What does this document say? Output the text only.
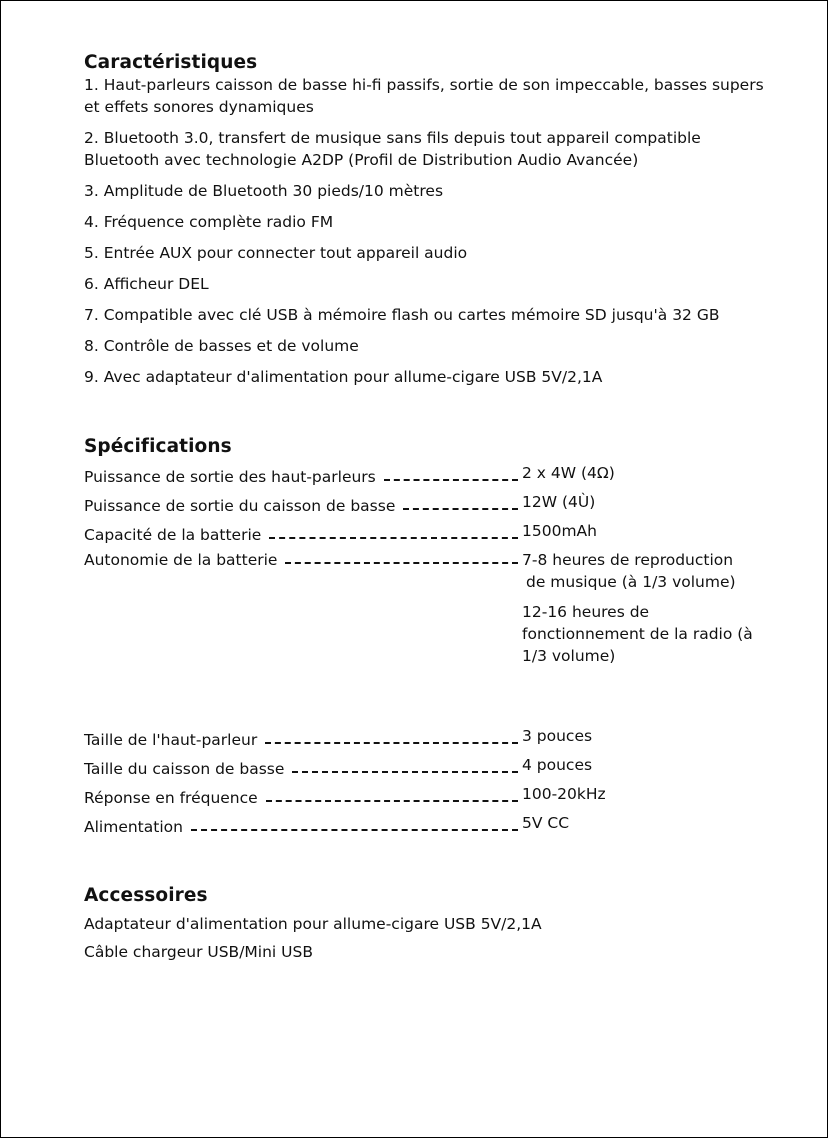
Caractéristiques
1. Haut-parleurs caisson de basse hi-fi passifs, sortie de son impeccable, basses supers et effets sonores dynamiques
2. Bluetooth 3.0, transfert de musique sans fils depuis tout appareil compatible Bluetooth avec technologie A2DP (Profil de Distribution Audio Avancée)
3. Amplitude de Bluetooth 30 pieds/10 mètres
4. Fréquence complète radio FM
5. Entrée AUX pour connecter tout appareil audio
6. Afficheur DEL
7. Compatible avec clé USB à mémoire flash ou cartes mémoire SD jusqu'à 32 GB
8. Contrôle de basses et de volume
9. Avec adaptateur d'alimentation pour allume-cigare USB 5V/2,1A
Spécifications
Puissance de sortie des haut-parleurs	2 x 4W (4Ω)
Puissance de sortie du caisson de basse	12W (4Ù)
Capacité de la batterie	1500mAh
Autonomie de la batterie	7-8 heures de reproduction
de musique (à 1/3 volume)
12-16 heures de fonctionnement de la radio (à 1/3 volume)
Taille de l'haut-parleur	3 pouces
Taille du caisson de basse	4 pouces
Réponse en fréquence	100-20kHz
Alimentation	5V CC
Accessoires
Adaptateur d'alimentation pour allume-cigare USB 5V/2,1A
Câble chargeur USB/Mini USB
